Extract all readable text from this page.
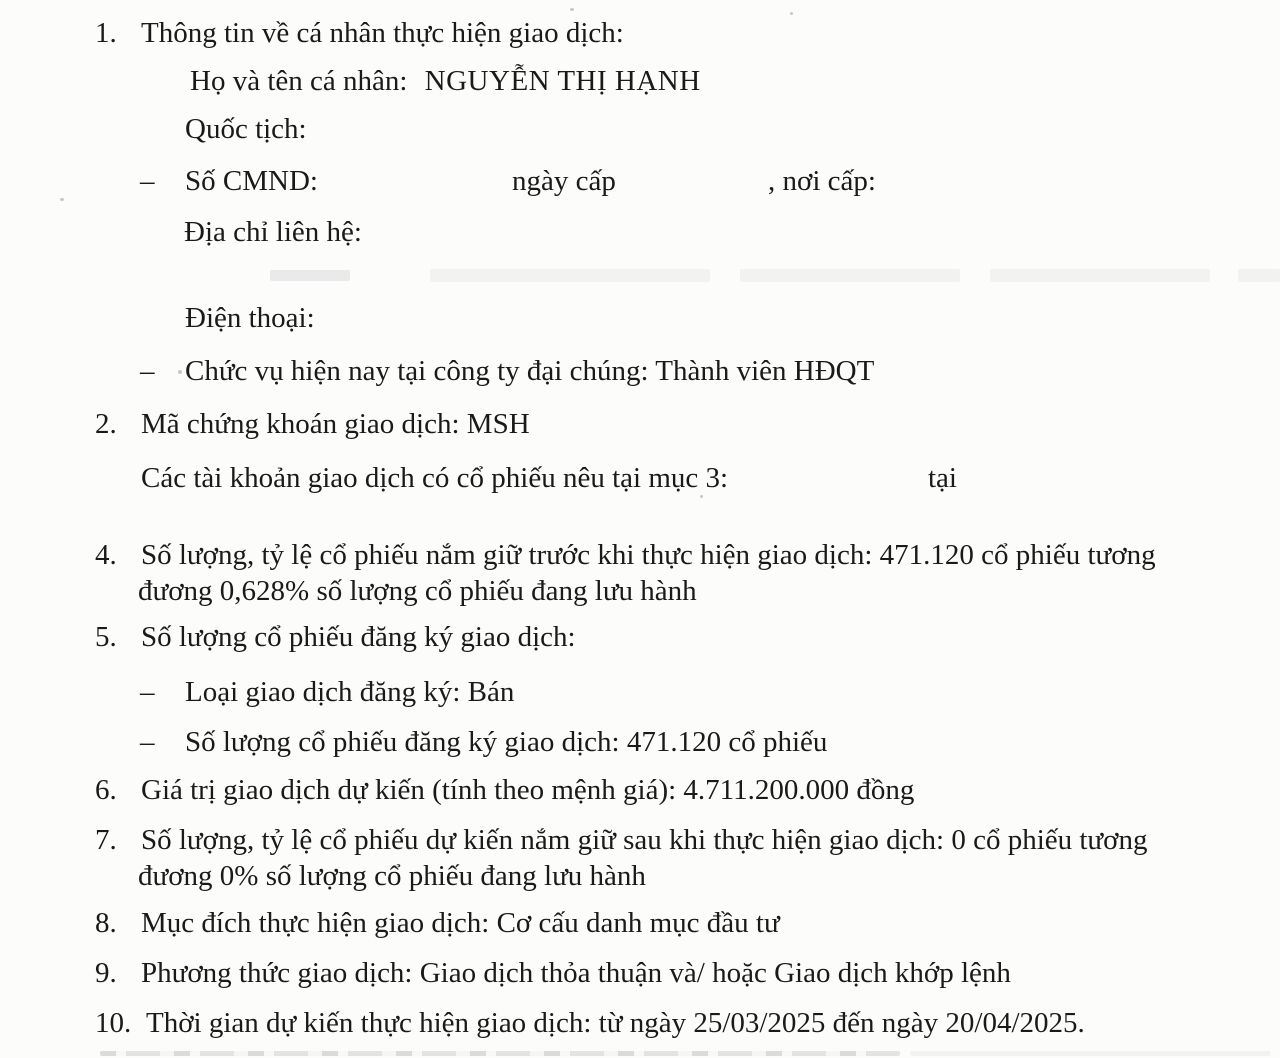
1. Thông tin về cá nhân thực hiện giao dịch:
Họ và tên cá nhân: NGUYỄN THỊ HẠNH
Quốc tịch:
– Số CMND:	ngày cấp	, nơi cấp:
Địa chỉ liên hệ:
Điện thoại:
– Chức vụ hiện nay tại công ty đại chúng: Thành viên HĐQT
2. Mã chứng khoán giao dịch: MSH
Các tài khoản giao dịch có cổ phiếu nêu tại mục 3:	tại
4. Số lượng, tỷ lệ cổ phiếu nắm giữ trước khi thực hiện giao dịch: 471.120 cổ phiếu tương
đương 0,628% số lượng cổ phiếu đang lưu hành
5. Số lượng cổ phiếu đăng ký giao dịch:
– Loại giao dịch đăng ký: Bán
– Số lượng cổ phiếu đăng ký giao dịch: 471.120 cổ phiếu
6. Giá trị giao dịch dự kiến (tính theo mệnh giá): 4.711.200.000 đồng
7. Số lượng, tỷ lệ cổ phiếu dự kiến nắm giữ sau khi thực hiện giao dịch: 0 cổ phiếu tương
đương 0% số lượng cổ phiếu đang lưu hành
8. Mục đích thực hiện giao dịch: Cơ cấu danh mục đầu tư
9. Phương thức giao dịch: Giao dịch thỏa thuận và/ hoặc Giao dịch khớp lệnh
10. Thời gian dự kiến thực hiện giao dịch: từ ngày 25/03/2025 đến ngày 20/04/2025.
